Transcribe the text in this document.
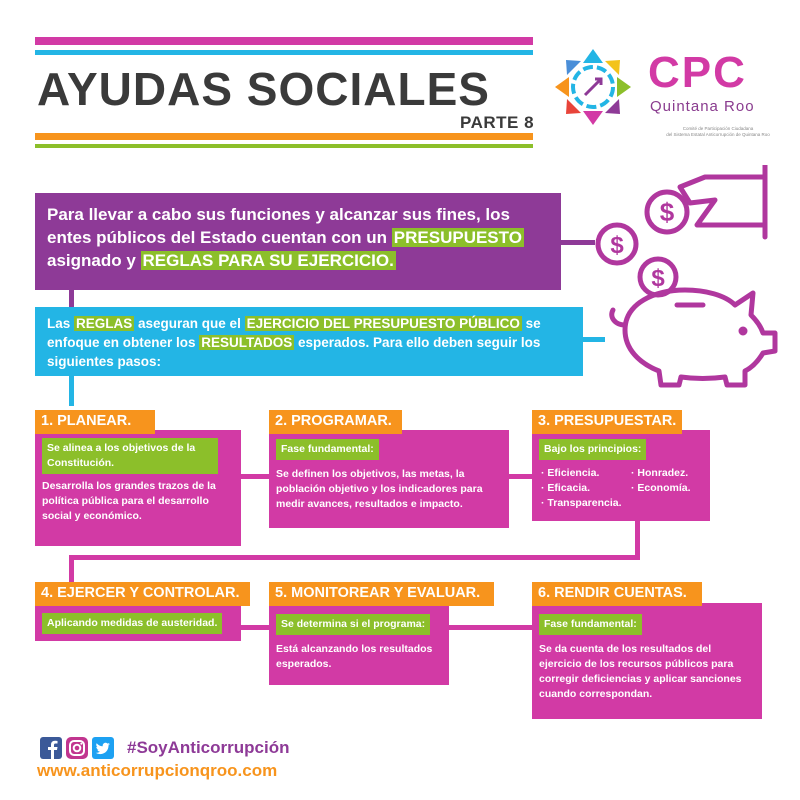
AYUDAS SOCIALES
PARTE 8
CPC
Quintana Roo
Comité de Participación Ciudadana
del Sistema Estatal Anticorrupción de Quintana Roo
$
$
$
Para llevar a cabo sus funciones y alcanzar sus fines, los entes públicos del Estado cuentan con un PRESUPUESTO asignado y REGLAS PARA SU EJERCICIO.
Las REGLAS aseguran que el EJERCICIO DEL PRESUPUESTO PÚBLICO se enfoque en obtener los RESULTADOS esperados. Para ello deben seguir los siguientes pasos:
Se alinea a los objetivos de la Constitución.
Desarrolla los grandes trazos de la política pública para el desarrollo social y económico.
1. PLANEAR.
Fase fundamental:
Se definen los objetivos, las metas, la población objetivo y los indicadores para medir avances, resultados e impacto.
2. PROGRAMAR.
Bajo los principios:
· Eficiencia.
· Eficacia.
· Transparencia.
· Honradez.
· Economía.
3. PRESUPUESTAR.
Aplicando medidas de austeridad.
4. EJERCER Y CONTROLAR.
Se determina si el programa:
Está alcanzando los resultados esperados.
5. MONITOREAR Y EVALUAR.
Fase fundamental:
Se da cuenta de los resultados del ejercicio de los recursos públicos para corregir deficiencias y aplicar sanciones cuando correspondan.
6. RENDIR CUENTAS.
#SoyAnticorrupción
www.anticorrupcionqroo.com
